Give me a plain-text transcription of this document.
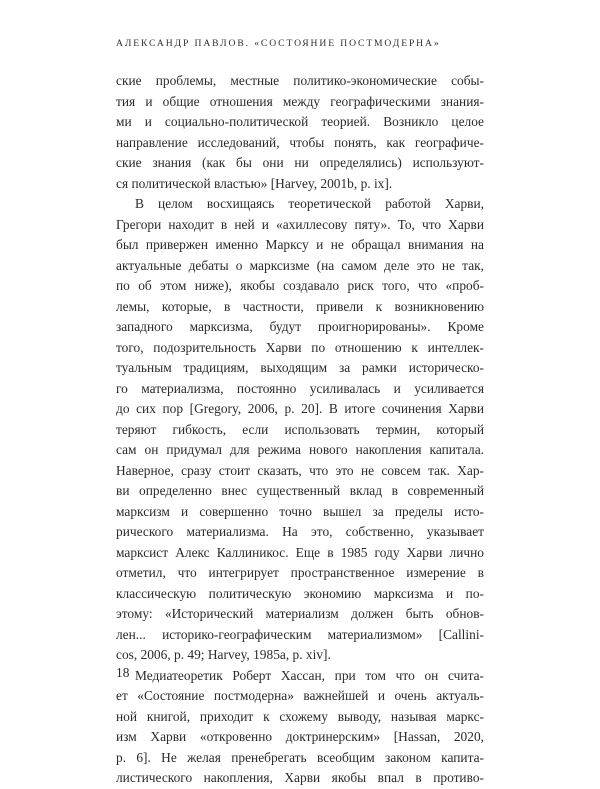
АЛЕКСАНДР ПАВЛОВ. «СОСТОЯНИЕ ПОСТМОДЕРНА»
ские проблемы, местные политико-экономические собы-
тия и общие отношения между географическими знания-
ми и социально-политической теорией. Возникло целое
направление исследований, чтобы понять, как географиче-
ские знания (как бы они ни определялись) используют-
ся политической властью» [Harvey, 2001b, p. ix].
В целом восхищаясь теоретической работой Харви,
Грегори находит в ней и «ахиллесову пяту». То, что Харви
был привержен именно Марксу и не обращал внимания на
актуальные дебаты о марксизме (на самом деле это не так,
по об этом ниже), якобы создавало риск того, что «проб-
лемы, которые, в частности, привели к возникновению
западного марксизма, будут проигнорированы». Кроме
того, подозрительность Харви по отношению к интеллек-
туальным традициям, выходящим за рамки историческо-
го материализма, постоянно усиливалась и усиливается
до сих пор [Gregory, 2006, p. 20]. В итоге сочинения Харви
теряют гибкость, если использовать термин, который
сам он придумал для режима нового накопления капитала.
Наверное, сразу стоит сказать, что это не совсем так. Хар-
ви определенно внес существенный вклад в современный
марксизм и совершенно точно вышел за пределы исто-
рического материализма. На это, собственно, указывает
марксист Алекс Каллиникос. Еще в 1985 году Харви лично
отметил, что интегрирует пространственное измерение в
классическую политическую экономию марксизма и по-
этому: «Исторический материализм должен быть обнов-
лен... историко-географическим материализмом» [Callini-
cos, 2006, p. 49; Harvey, 1985a, p. xiv].
Медиатеоретик Роберт Хассан, при том что он счита-
ет «Состояние постмодерна» важнейшей и очень актуаль-
ной книгой, приходит к схожему выводу, называя маркс-
изм Харви «откровенно доктринерским» [Hassan, 2020,
p. 6]. Не желая пренебрегать всеобщим законом капита-
листического накопления, Харви якобы впал в противо-
18
